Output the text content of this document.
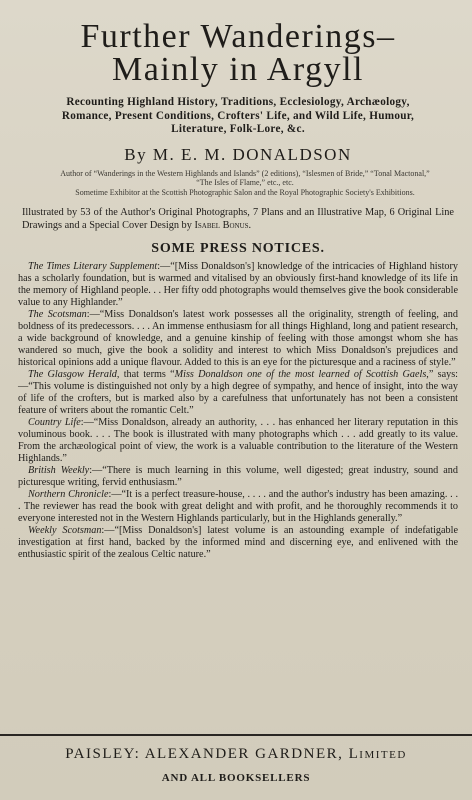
Further Wanderings–
Mainly in Argyll
Recounting Highland History, Traditions, Ecclesiology, Archæology, Romance, Present Conditions, Crofters' Life, and Wild Life, Humour, Literature, Folk-Lore, &c.
By M. E. M. DONALDSON
Author of “Wanderings in the Western Highlands and Islands” (2 editions), “Islesmen of Bride,” “Tonal Mactonal,” “The Isles of Flame,” etc., etc.
Sometime Exhibitor at the Scottish Photographic Salon and the Royal Photographic Society's Exhibitions.
Illustrated by 53 of the Author's Original Photographs, 7 Plans and an Illustrative Map, 6 Original Line Drawings and a Special Cover Design by Isabel Bonus.
SOME PRESS NOTICES.

The Times Literary Supplement:—“[Miss Donaldson's] knowledge of the intricacies of Highland history has a scholarly foundation, but is warmed and vitalised by an obviously first-hand knowledge of its life in the memory of Highland people. . . Her fifty odd photographs would themselves give the book considerable value to any Highlander.”

The Scotsman:—“Miss Donaldson's latest work possesses all the originality, strength of feeling, and boldness of its predecessors. . . . An immense enthusiasm for all things Highland, long and patient research, a wide background of knowledge, and a genuine kinship of feeling with those amongst whom she has wandered so much, give the book a solidity and interest to which Miss Donaldson's prejudices and historical opinions add a unique flavour. Added to this is an eye for the picturesque and a raciness of style.”

The Glasgow Herald, that terms “Miss Donaldson one of the most learned of Scottish Gaels,” says:—“This volume is distinguished not only by a high degree of sympathy, and hence of insight, into the way of life of the crofters, but is marked also by a carefulness that unfortunately has not been a consistent feature of writers about the romantic Celt.”

Country Life:—“Miss Donaldson, already an authority, . . . has enhanced her literary reputation in this voluminous book. . . . The book is illustrated with many photographs which . . . add greatly to its value. From the archæological point of view, the work is a valuable contribution to the literature of the Western Highlands.”

British Weekly:—“There is much learning in this volume, well digested; great industry, sound and picturesque writing, fervid enthusiasm.”

Northern Chronicle:—“It is a perfect treasure-house, . . . . and the author's industry has been amazing. . . . The reviewer has read the book with great delight and with profit, and he thoroughly recommends it to everyone interested not in the Western Highlands particularly, but in the Highlands generally.”

Weekly Scotsman:—“[Miss Donaldson's] latest volume is an astounding example of indefatigable investigation at first hand, backed by the informed mind and discerning eye, and enlivened with the enthusiastic spirit of the zealous Celtic nature.”

PAISLEY: ALEXANDER GARDNER, Limited
AND ALL BOOKSELLERS
